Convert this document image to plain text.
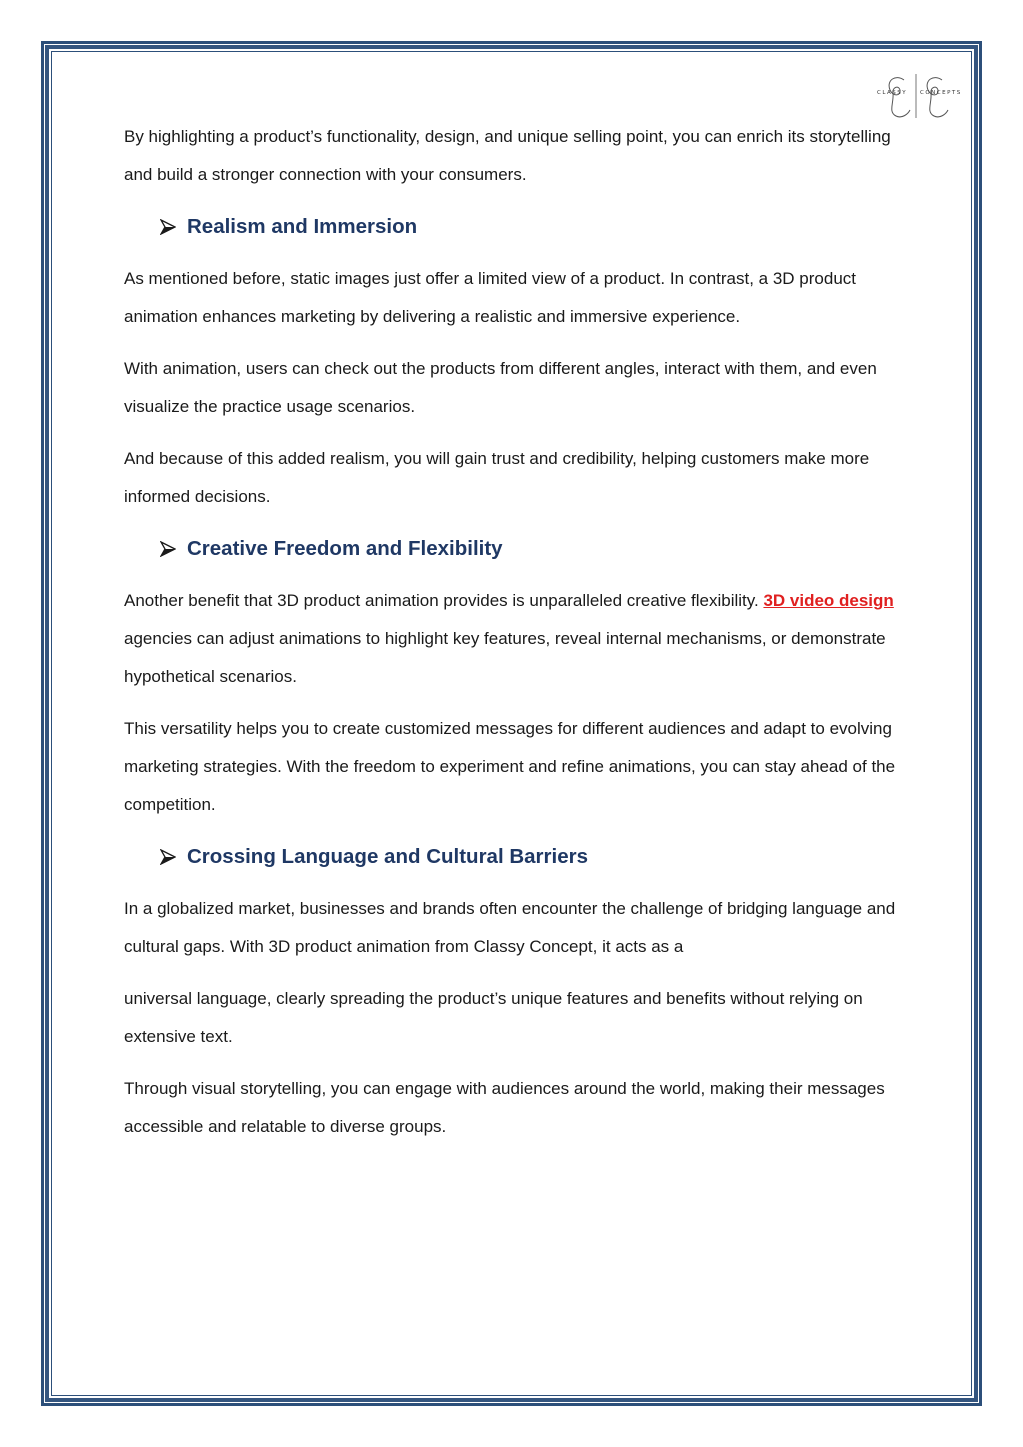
CLASSY CONCEPTS

By highlighting a product’s functionality, design, and unique selling point, you can enrich its storytelling and build a stronger connection with your consumers.

Realism and Immersion

As mentioned before, static images just offer a limited view of a product. In contrast, a 3D product animation enhances marketing by delivering a realistic and immersive experience.

With animation, users can check out the products from different angles, interact with them, and even visualize the practice usage scenarios.

And because of this added realism, you will gain trust and credibility, helping customers make more informed decisions.

Creative Freedom and Flexibility

Another benefit that 3D product animation provides is unparalleled creative flexibility. 3D video design agencies can adjust animations to highlight key features, reveal internal mechanisms, or demonstrate hypothetical scenarios.

This versatility helps you to create customized messages for different audiences and adapt to evolving marketing strategies. With the freedom to experiment and refine animations, you can stay ahead of the competition.

Crossing Language and Cultural Barriers

In a globalized market, businesses and brands often encounter the challenge of bridging language and cultural gaps. With 3D product animation from Classy Concept, it acts as a

universal language, clearly spreading the product’s unique features and benefits without relying on extensive text.

Through visual storytelling, you can engage with audiences around the world, making their messages accessible and relatable to diverse groups.
